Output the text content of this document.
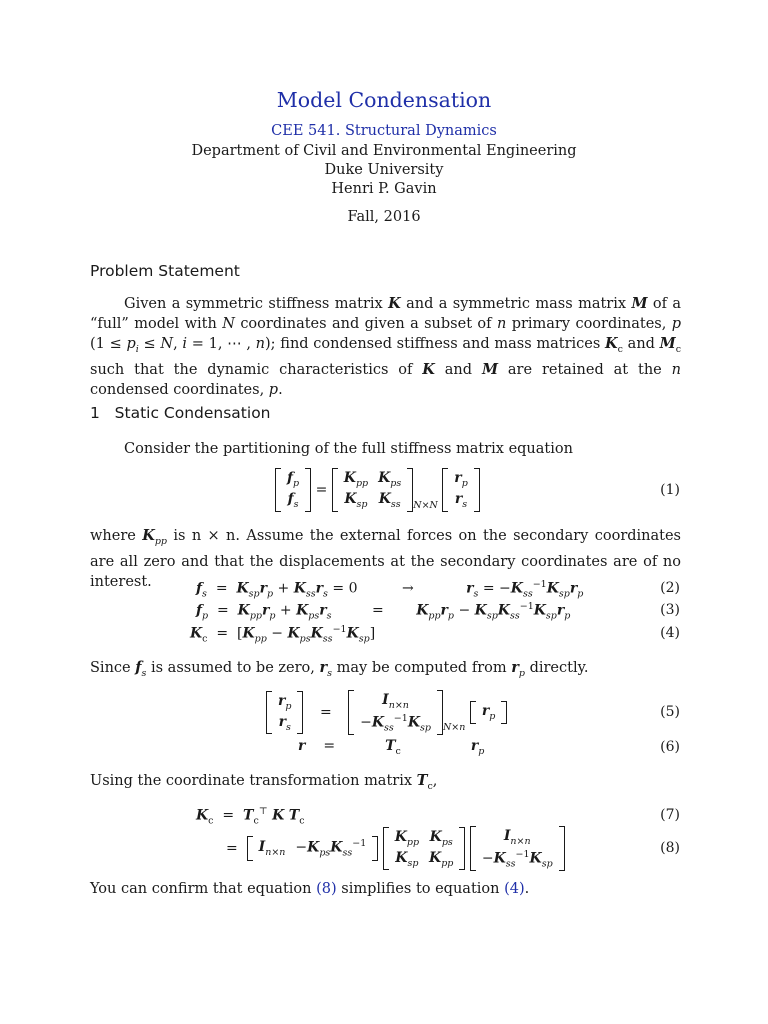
Model Condensation
CEE 541. Structural Dynamics
Department of Civil and Environmental Engineering
Duke University
Henri P. Gavin
Fall, 2016
Problem Statement
Given a symmetric stiffness matrix K and a symmetric mass matrix M of a “full” model with N coordinates and given a subset of n primary coordinates, p ($1 \le p_i \le N$, i = 1, ⋯ , n); find condensed stiffness and mass matrices $K_c$ and $M_c$ such that the dynamic characteristics of K and M are retained at the n condensed coordinates, p.
1 Static Condensation
Consider the partitioning of the full stiffness matrix equation
$f_p$
$f_s$
=
$K_{pp}$	$K_{ps}$
$K_{sp}$	$K_{ss}$ $_{N\times N}$
$r_p$
$r_s$
(1)
where $K_{pp}$ is n × n. Assume the external forces on the secondary coordinates are all zero and that the displacements at the secondary coordinates are of no interest.	$f_s = K_{sp}r_p + K_{ss}r_s = 0$	→	$r_s = -K_{ss}^{-1}K_{sp}r_p$	(2)
$f_p = K_{pp}r_p + K_{ps}r_s$	= $K_{pp}r_p - K_{sp}K_{ss}^{-1}K_{sp}r_p$	(3)
$K_c = [K_{pp} - K_{ps}K_{ss}^{-1}K_{sp}]$	(4)
Since $f_s$ is assumed to be zero, $r_s$ may be computed from $r_p$ directly.
$r_p$
$r_s$
=
$I_{n\times n}$
$-K_{ss}^{-1}K_{sp}$ $_{N\times n}$
$r_p$	(5)
r =	$T_c$	$r_p$	(6)
Using the coordinate transformation matrix $T_c$,
$K_c = T_c^⊤$ K $T_c$	(7)
= $I_{n\times n}$	$-K_{ps}K_{ss}^{-1}$
$K_{pp}$	$K_{ps}$
$K_{sp}$	$K_{pp}$

$I_{n\times n}$
$-K_{ss}^{-1}K_{sp}$
(8)
You can confirm that equation (8) simplifies to equation (4).
